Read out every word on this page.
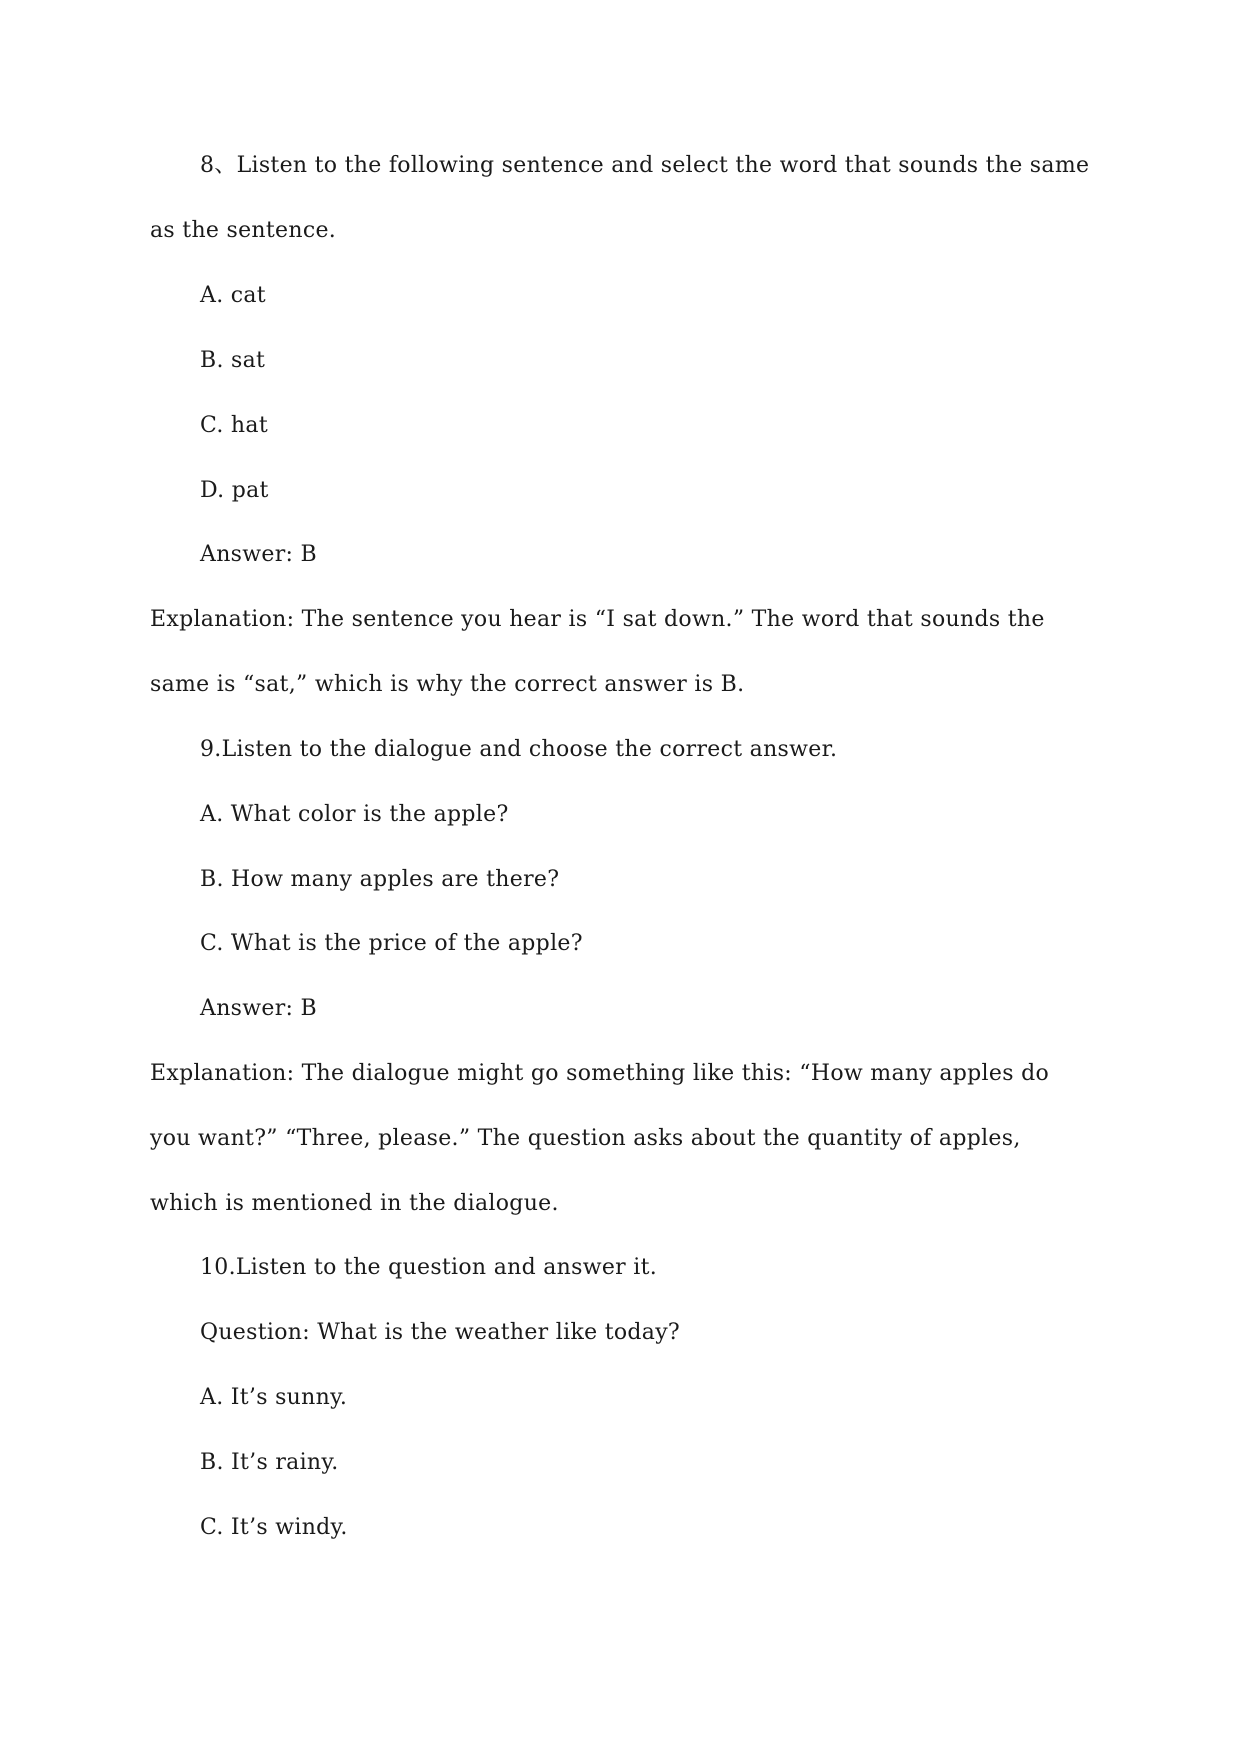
8、Listen to the following sentence and select the word that sounds the same
as the sentence.
A. cat
B. sat
C. hat
D. pat
Answer: B
Explanation: The sentence you hear is “I sat down.” The word that sounds the
same is “sat,” which is why the correct answer is B.
9.Listen to the dialogue and choose the correct answer.
A. What color is the apple?
B. How many apples are there?
C. What is the price of the apple?
Answer: B
Explanation: The dialogue might go something like this: “How many apples do
you want?” “Three, please.” The question asks about the quantity of apples,
which is mentioned in the dialogue.
10.Listen to the question and answer it.
Question: What is the weather like today?
A. It’s sunny.
B. It’s rainy.
C. It’s windy.
